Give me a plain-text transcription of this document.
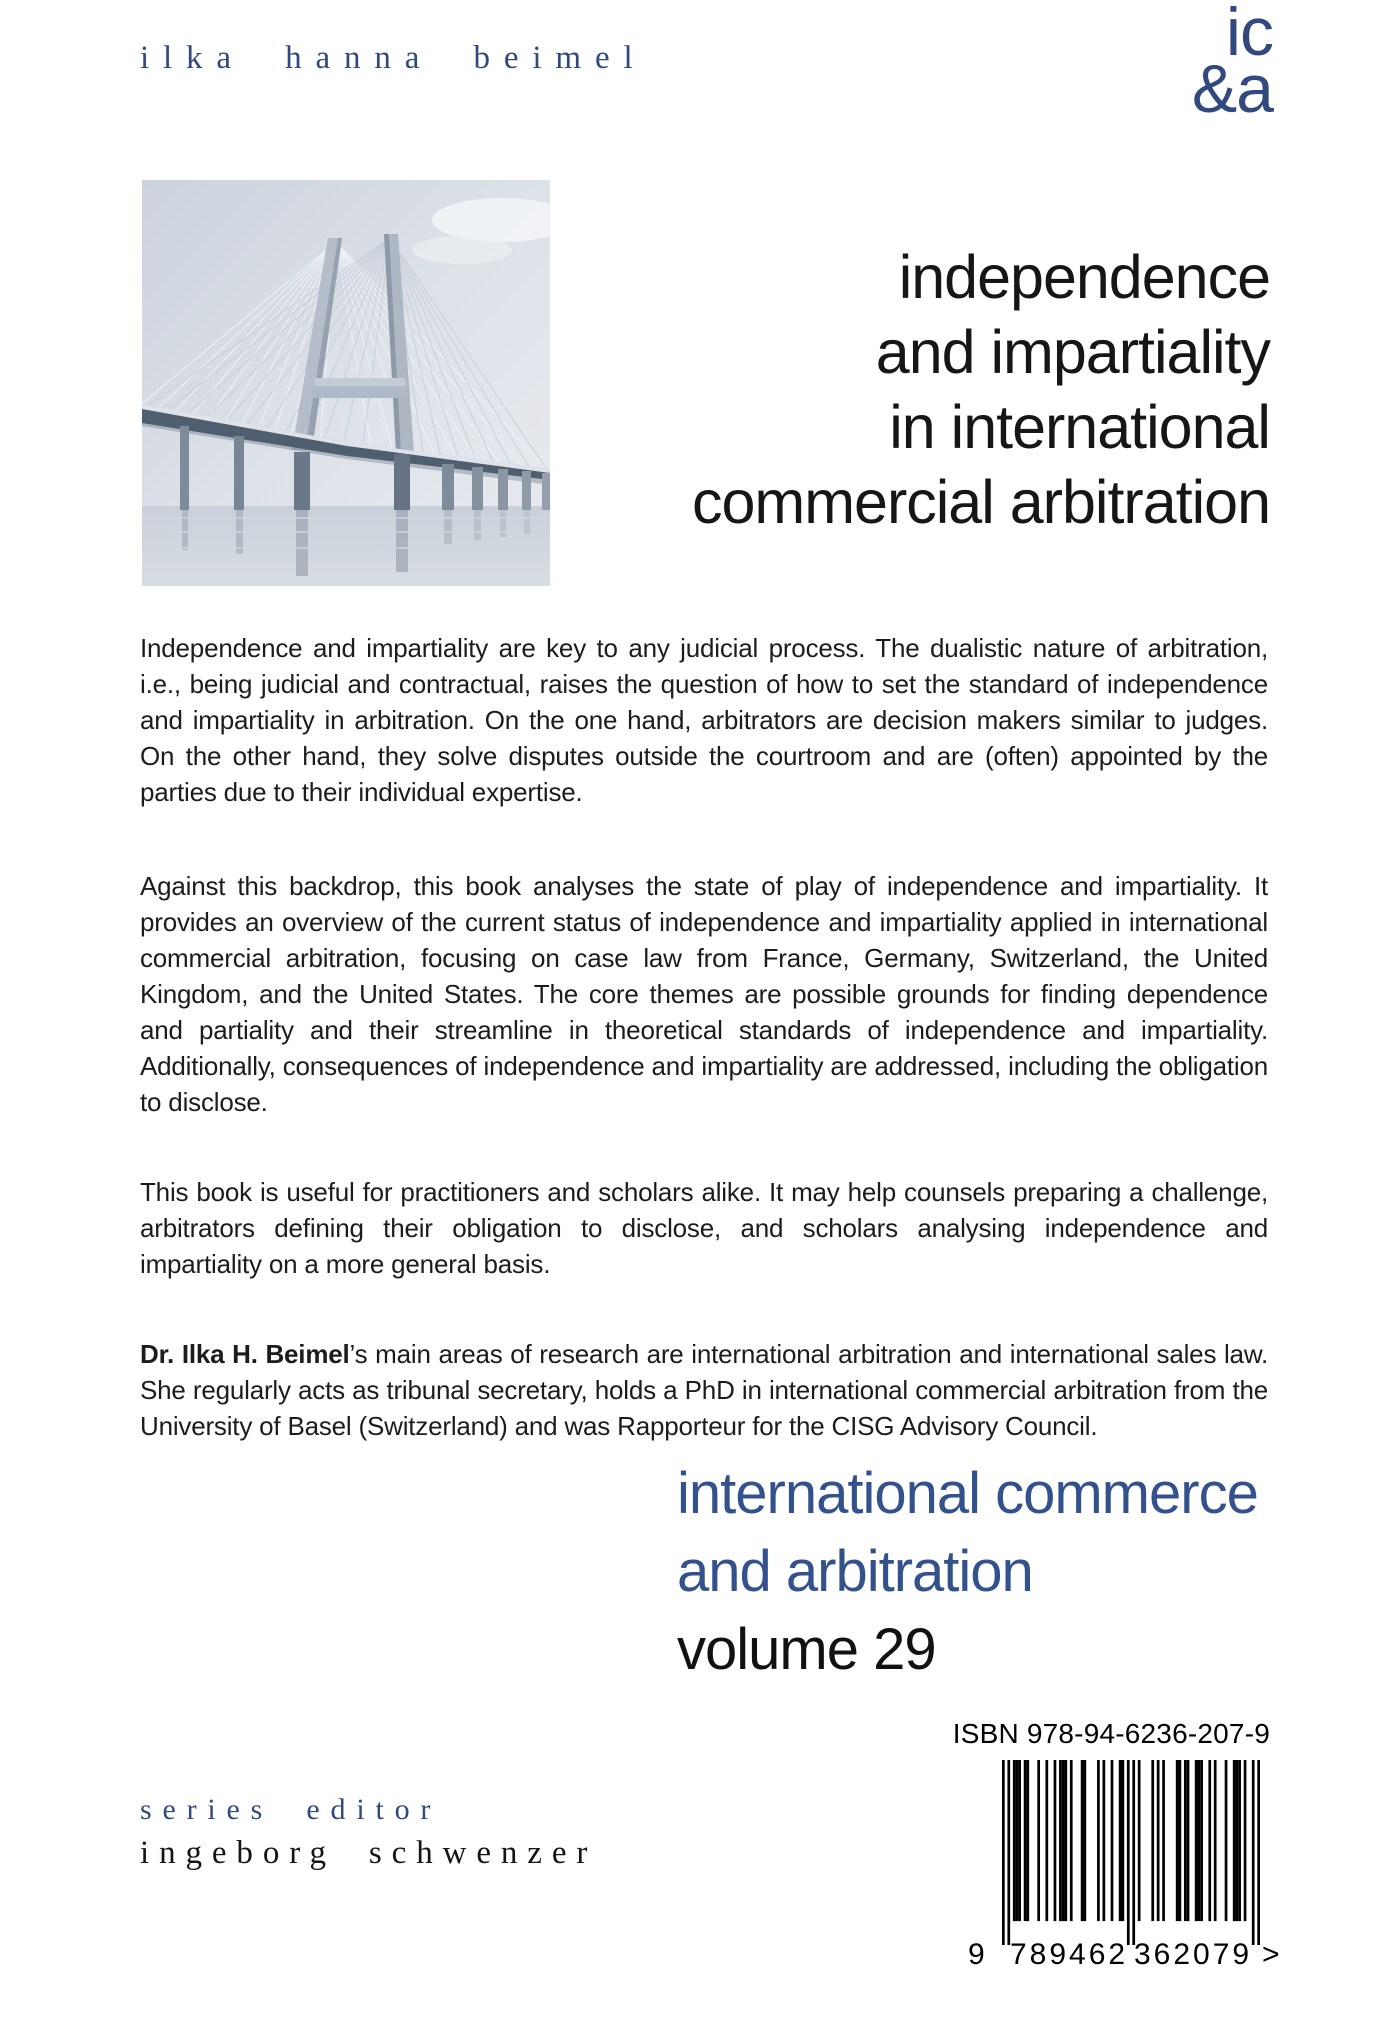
ilka hanna beimel	ic
&a
independence
and impartiality
in international
commercial arbitration
Independence and impartiality are key to any judicial process. The dualistic nature of arbitration, i.e., being judicial and contractual, raises the question of how to set the standard of independence and impartiality in arbitration. On the one hand, arbitrators are decision makers similar to judges. On the other hand, they solve disputes outside the courtroom and are (often) appointed by the parties due to their individual expertise.
Against this backdrop, this book analyses the state of play of independence and impartiality. It provides an overview of the current status of independence and impartiality applied in international commercial arbitration, focusing on case law from France, Germany, Switzerland, the United Kingdom, and the United States. The core themes are possible grounds for finding dependence and partiality and their streamline in theoretical standards of independence and impartiality. Additionally, consequences of independence and impartiality are addressed, including the obligation to disclose.
This book is useful for practitioners and scholars alike. It may help counsels preparing a challenge, arbitrators defining their obligation to disclose, and scholars analysing independence and impartiality on a more general basis.
Dr. Ilka H. Beimel’s main areas of research are international arbitration and international sales law. She regularly acts as tribunal secretary, holds a PhD in international commercial arbitration from the University of Basel (Switzerland) and was Rapporteur for the CISG Advisory Council.
international commerce
and arbitration
volume 29
ISBN 978-94-6236-207-9
9 789462 362079 >
series editor
ingeborg schwenzer
